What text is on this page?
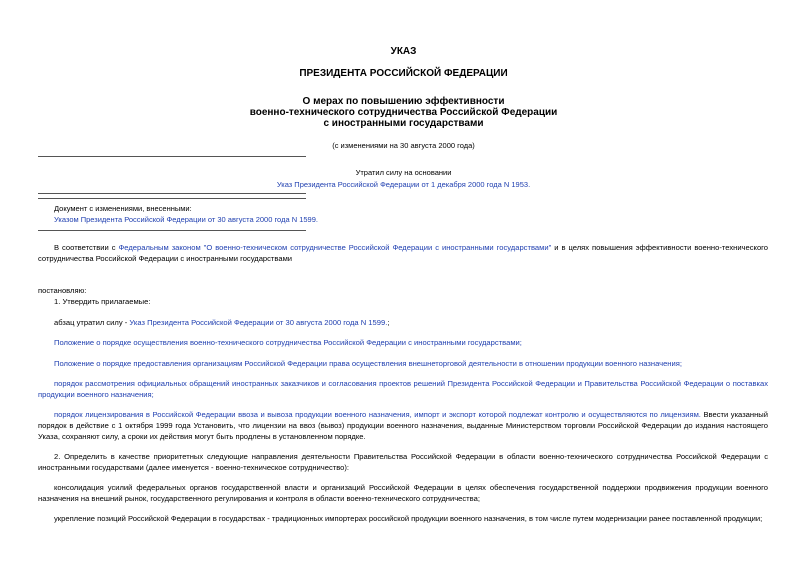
УКАЗ
ПРЕЗИДЕНТА РОССИЙСКОЙ ФЕДЕРАЦИИ
О мерах по повышению эффективности
военно-технического сотрудничества Российской Федерации
с иностранными государствами
(с изменениями на 30 августа 2000 года)
Утратил силу на основании
Указ Президента Российской Федерации от 1 декабря 2000 года N 1953.
Документ с изменениями, внесенными:
Указом Президента Российской Федерации от 30 августа 2000 года N 1599.
В соответствии с Федеральным законом "О военно-техническом сотрудничестве Российской Федерации с иностранными государствами" и в целях повышения эффективности военно-технического сотрудничества Российской Федерации с иностранными государствами
постановляю:
1. Утвердить прилагаемые:
абзац утратил силу - Указ Президента Российской Федерации от 30 августа 2000 года N 1599.;
Положение о порядке осуществления военно-технического сотрудничества Российской Федерации с иностранными государствами;
Положение о порядке предоставления организациям Российской Федерации права осуществления внешнеторговой деятельности в отношении продукции военного назначения;
порядок рассмотрения официальных обращений иностранных заказчиков и согласования проектов решений Президента Российской Федерации и Правительства Российской Федерации о поставках продукции военного назначения;
порядок лицензирования в Российской Федерации ввоза и вывоза продукции военного назначения, импорт и экспорт которой подлежат контролю и осуществляются по лицензиям. Ввести указанный порядок в действие с 1 октября 1999 года Установить, что лицензии на ввоз (вывоз) продукции военного назначения, выданные Министерством торговли Российской Федерации до издания настоящего Указа, сохраняют силу, а сроки их действия могут быть продлены в установленном порядке.
2. Определить в качестве приоритетных следующие направления деятельности Правительства Российской Федерации в области военно-технического сотрудничества Российской Федерации с иностранными государствами (далее именуется - военно-техническое сотрудничество):
консолидация усилий федеральных органов государственной власти и организаций Российской Федерации в целях обеспечения государственной поддержки продвижения продукции военного назначения на внешний рынок, государственного регулирования и контроля в области военно-технического сотрудничества;
укрепление позиций Российской Федерации в государствах - традиционных импортерах российской продукции военного назначения, в том числе путем модернизации ранее поставленной продукции;
